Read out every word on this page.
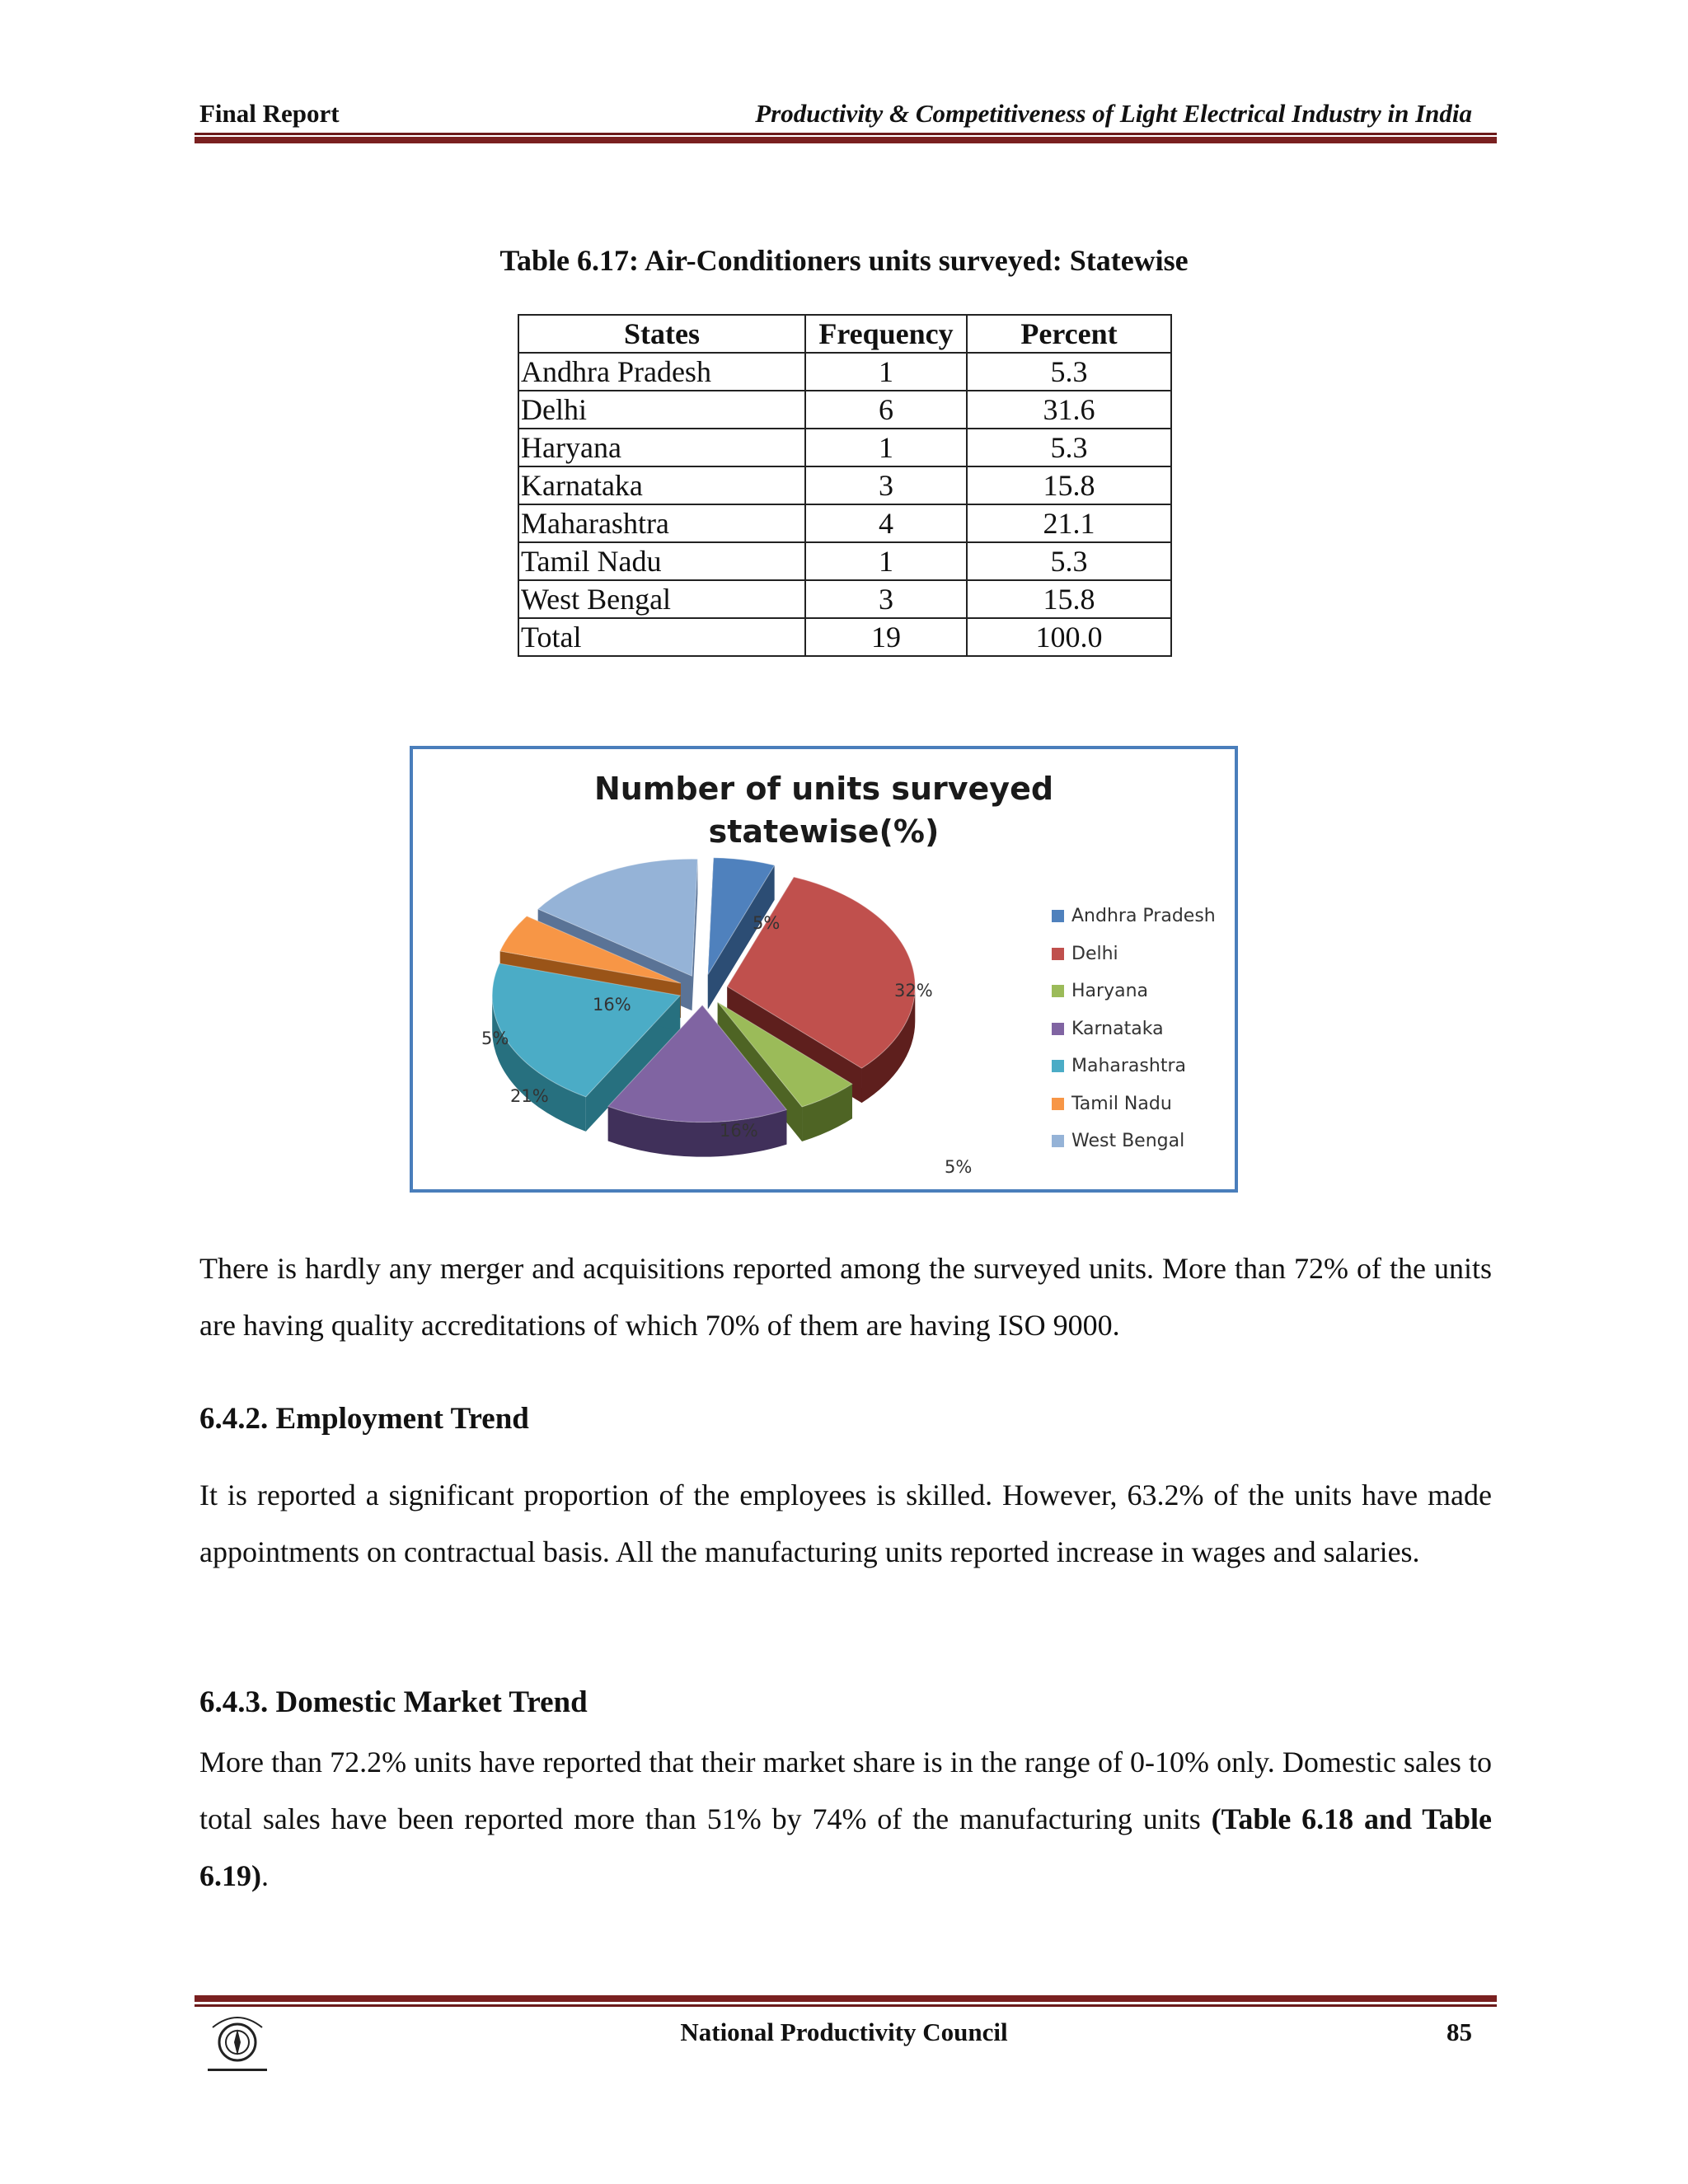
Final Report	Productivity & Competitiveness of Light Electrical Industry in India
Table 6.17: Air-Conditioners units surveyed: Statewise
States	Frequency	Percent
Andhra Pradesh	1	5.3
Delhi	6	31.6
Haryana	1	5.3
Karnataka	3	15.8
Maharashtra	4	21.1
Tamil Nadu	1	5.3
West Bengal	3	15.8
Total	19	100.0
Number of units surveyed
statewise(%)
5%
32%
5%
16%
21%
5%
16%
Andhra Pradesh
Delhi
Haryana
Karnataka
Maharashtra
Tamil Nadu
West Bengal
There is hardly any merger and acquisitions reported among the surveyed units. More than 72% of the units are having quality accreditations of which 70% of them are having ISO 9000.
6.4.2. Employment Trend
It is reported a significant proportion of the employees is skilled. However, 63.2% of the units have made appointments on contractual basis. All the manufacturing units reported increase in wages and salaries.
6.4.3. Domestic Market Trend
More than 72.2% units have reported that their market share is in the range of 0-10% only. Domestic sales to total sales have been reported more than 51% by 74% of the manufacturing units (Table 6.18 and Table 6.19).
National Productivity Council	85
